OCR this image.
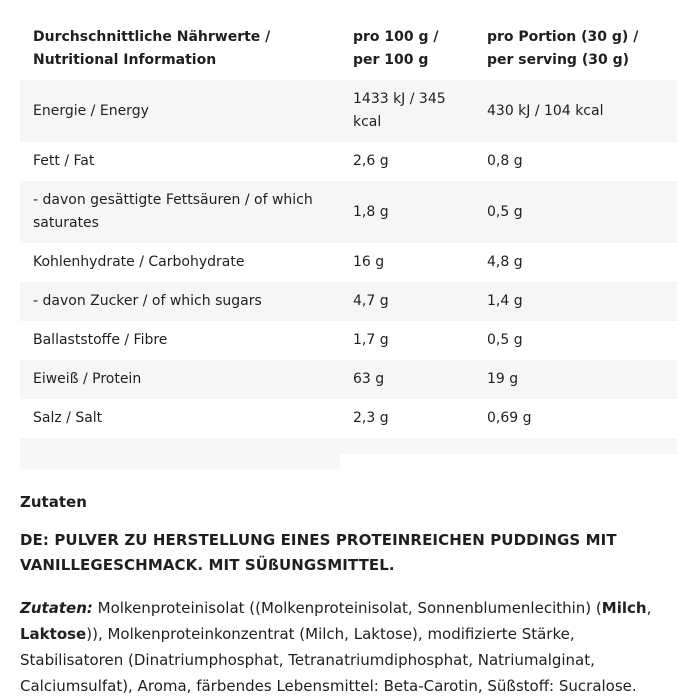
Durchschnittliche Nährwerte / Nutritional Information	pro 100 g / per 100 g	pro Portion (30 g) / per serving (30 g)
Energie / Energy	1433 kJ / 345 kcal	430 kJ / 104 kcal
Fett / Fat	2,6 g	0,8 g
- davon gesättigte Fettsäuren / of which saturates	1,8 g	0,5 g
Kohlenhydrate / Carbohydrate	16 g	4,8 g
- davon Zucker / of which sugars	4,7 g	1,4 g
Ballaststoffe / Fibre	1,7 g	0,5 g
Eiweiß / Protein	63 g	19 g
Salz / Salt	2,3 g	0,69 g
Zutaten
DE: PULVER ZU HERSTELLUNG EINES PROTEINREICHEN PUDDINGS MIT VANILLEGESCHMACK. MIT SÜßUNGSMITTEL.
Zutaten: Molkenproteinisolat ((Molkenproteinisolat, Sonnenblumenlecithin) (Milch, Laktose)), Molkenproteinkonzentrat (Milch, Laktose), modifizierte Stärke, Stabilisatoren (Dinatriumphosphat, Tetranatriumdiphosphat, Natriumalginat, Calciumsulfat), Aroma, färbendes Lebensmittel: Beta-Carotin, Süßstoff: Sucralose.
